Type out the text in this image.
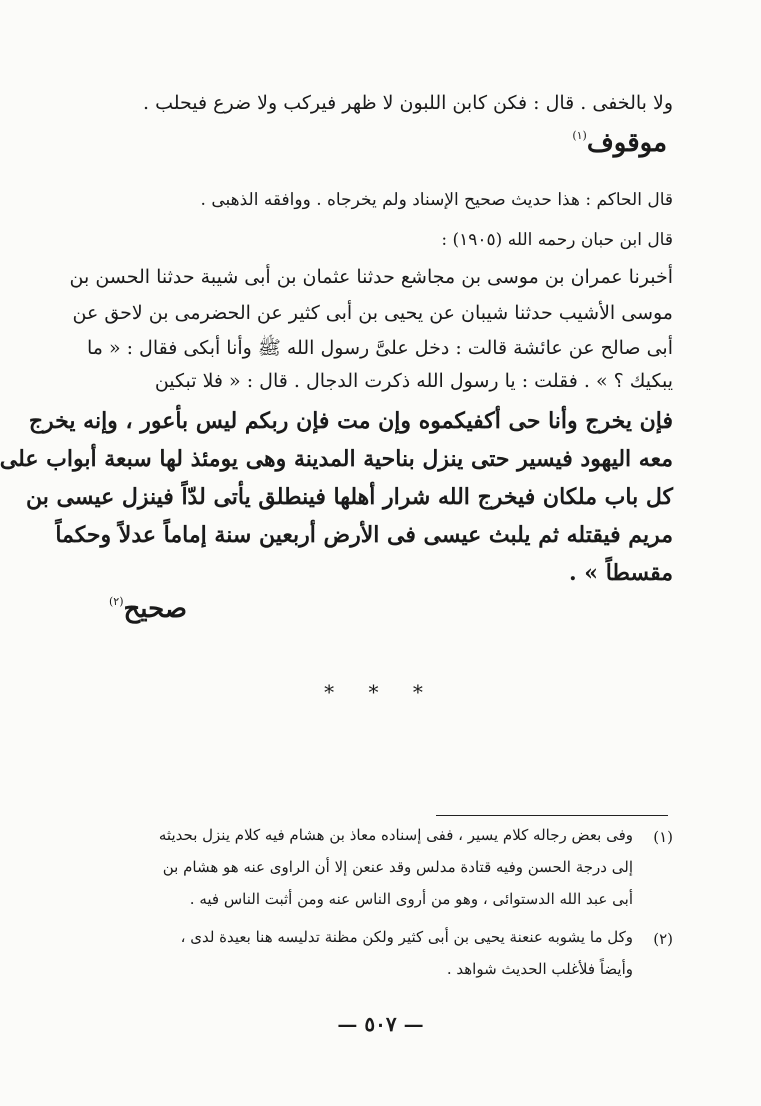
ولا بالخفى . قال : فكن كابن اللبون لا ظهر فيركب ولا ضرع فيحلب .
موقوف$^{(١)}$
قال الحاكم : هذا حديث صحيح الإسناد ولم يخرجاه . ووافقه الذهبى .
قال ابن حبان رحمه الله (١٩٠٥) :
أخبرنا عمران بن موسى بن مجاشع حدثنا عثمان بن أبى شيبة حدثنا الحسن بن
موسى الأشيب حدثنا شيبان عن يحيى بن أبى كثير عن الحضرمى بن لاحق عن
أبى صالح عن عائشة قالت : دخل علىَّ رسول الله ﷺ وأنا أبكى فقال : « ما
يبكيك ؟ » . فقلت : يا رسول الله ذكرت الدجال . قال : « فلا تبكين
فإن يخرج وأنا حى أكفيكموه وإن مت فإن ربكم ليس بأعور ، وإنه يخرج
معه اليهود فيسير حتى ينزل بناحية المدينة وهى يومئذ لها سبعة أبواب على
كل باب ملكان فيخرج الله شرار أهلها فينطلق يأتى لدّاً فينزل عيسى بن
مريم فيقتله ثم يلبث عيسى فى الأرض أربعين سنة إماماً عدلاً وحكماً
مقسطاً » .
صحيح$^{(٢)}$
* * *
(١)
وفى بعض رجاله كلام يسير ، ففى إسناده معاذ بن هشام فيه كلام ينزل بحديثه
إلى درجة الحسن وفيه قتادة مدلس وقد عنعن إلا أن الراوى عنه هو هشام بن
أبى عبد الله الدستوائى ، وهو من أروى الناس عنه ومن أثبت الناس فيه .
(٢)
وكل ما يشوبه عنعنة يحيى بن أبى كثير ولكن مظنة تدليسه هنا بعيدة لدى ،
وأيضاً فلأغلب الحديث شواهد .
— ٥٠٧ —
